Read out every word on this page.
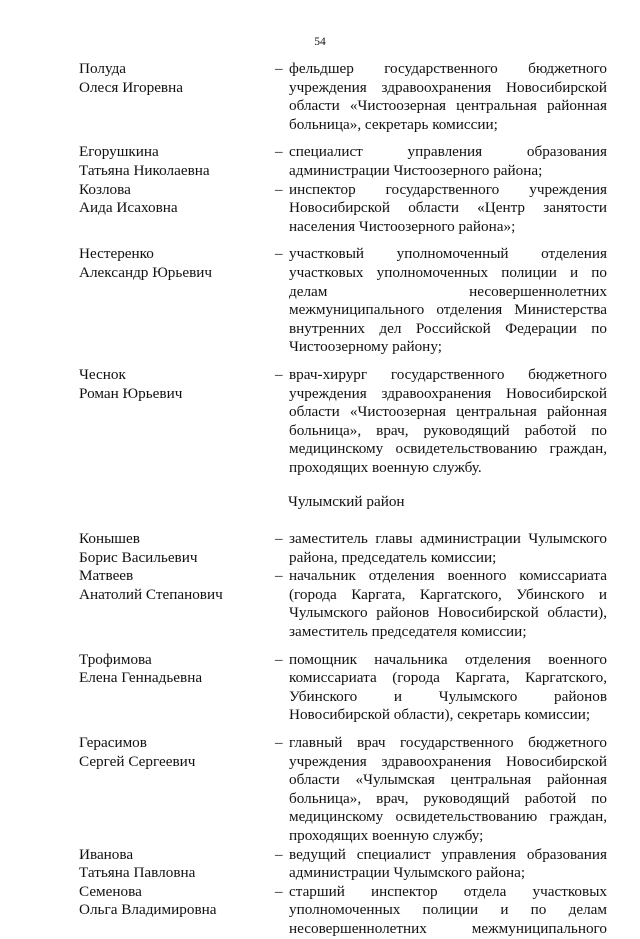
54
Полуда
Олеся Игоревна
– фельдшер государственного бюджетного учреждения здравоохранения Новосибирской области «Чистоозерная центральная районная больница», секретарь комиссии;
Егорушкина
Татьяна Николаевна
– специалист управления образования администрации Чистоозерного района;
Козлова
Аида Исаховна
– инспектор государственного учреждения Новосибирской области «Центр занятости населения Чистоозерного района»;
Нестеренко
Александр Юрьевич
– участковый уполномоченный отделения участковых уполномоченных полиции и по делам несовершеннолетних межмуниципального отделения Министерства внутренних дел Российской Федерации по Чистоозерному району;
Чеснок
Роман Юрьевич
– врач-хирург государственного бюджетного учреждения здравоохранения Новосибирской области «Чистоозерная центральная районная больница», врач, руководящий работой по медицинскому освидетельствованию граждан, проходящих военную службу.
Чулымский район
Конышев
Борис Васильевич
– заместитель главы администрации Чулымского района, председатель комиссии;
Матвеев
Анатолий Степанович
– начальник отделения военного комиссариата (города Каргата, Каргатского, Убинского и Чулымского районов Новосибирской области), заместитель председателя комиссии;
Трофимова
Елена Геннадьевна
– помощник начальника отделения военного комиссариата (города Каргата, Каргатского, Убинского и Чулымского районов Новосибирской области), секретарь комиссии;
Герасимов
Сергей Сергеевич
– главный врач государственного бюджетного учреждения здравоохранения Новосибирской области «Чулымская центральная районная больница», врач, руководящий работой по медицинскому освидетельствованию граждан, проходящих военную службу;
Иванова
Татьяна Павловна
– ведущий специалист управления образования администрации Чулымского района;
Семенова
Ольга Владимировна
– старший инспектор отдела участковых уполномоченных полиции и по делам несовершеннолетних межмуниципального
